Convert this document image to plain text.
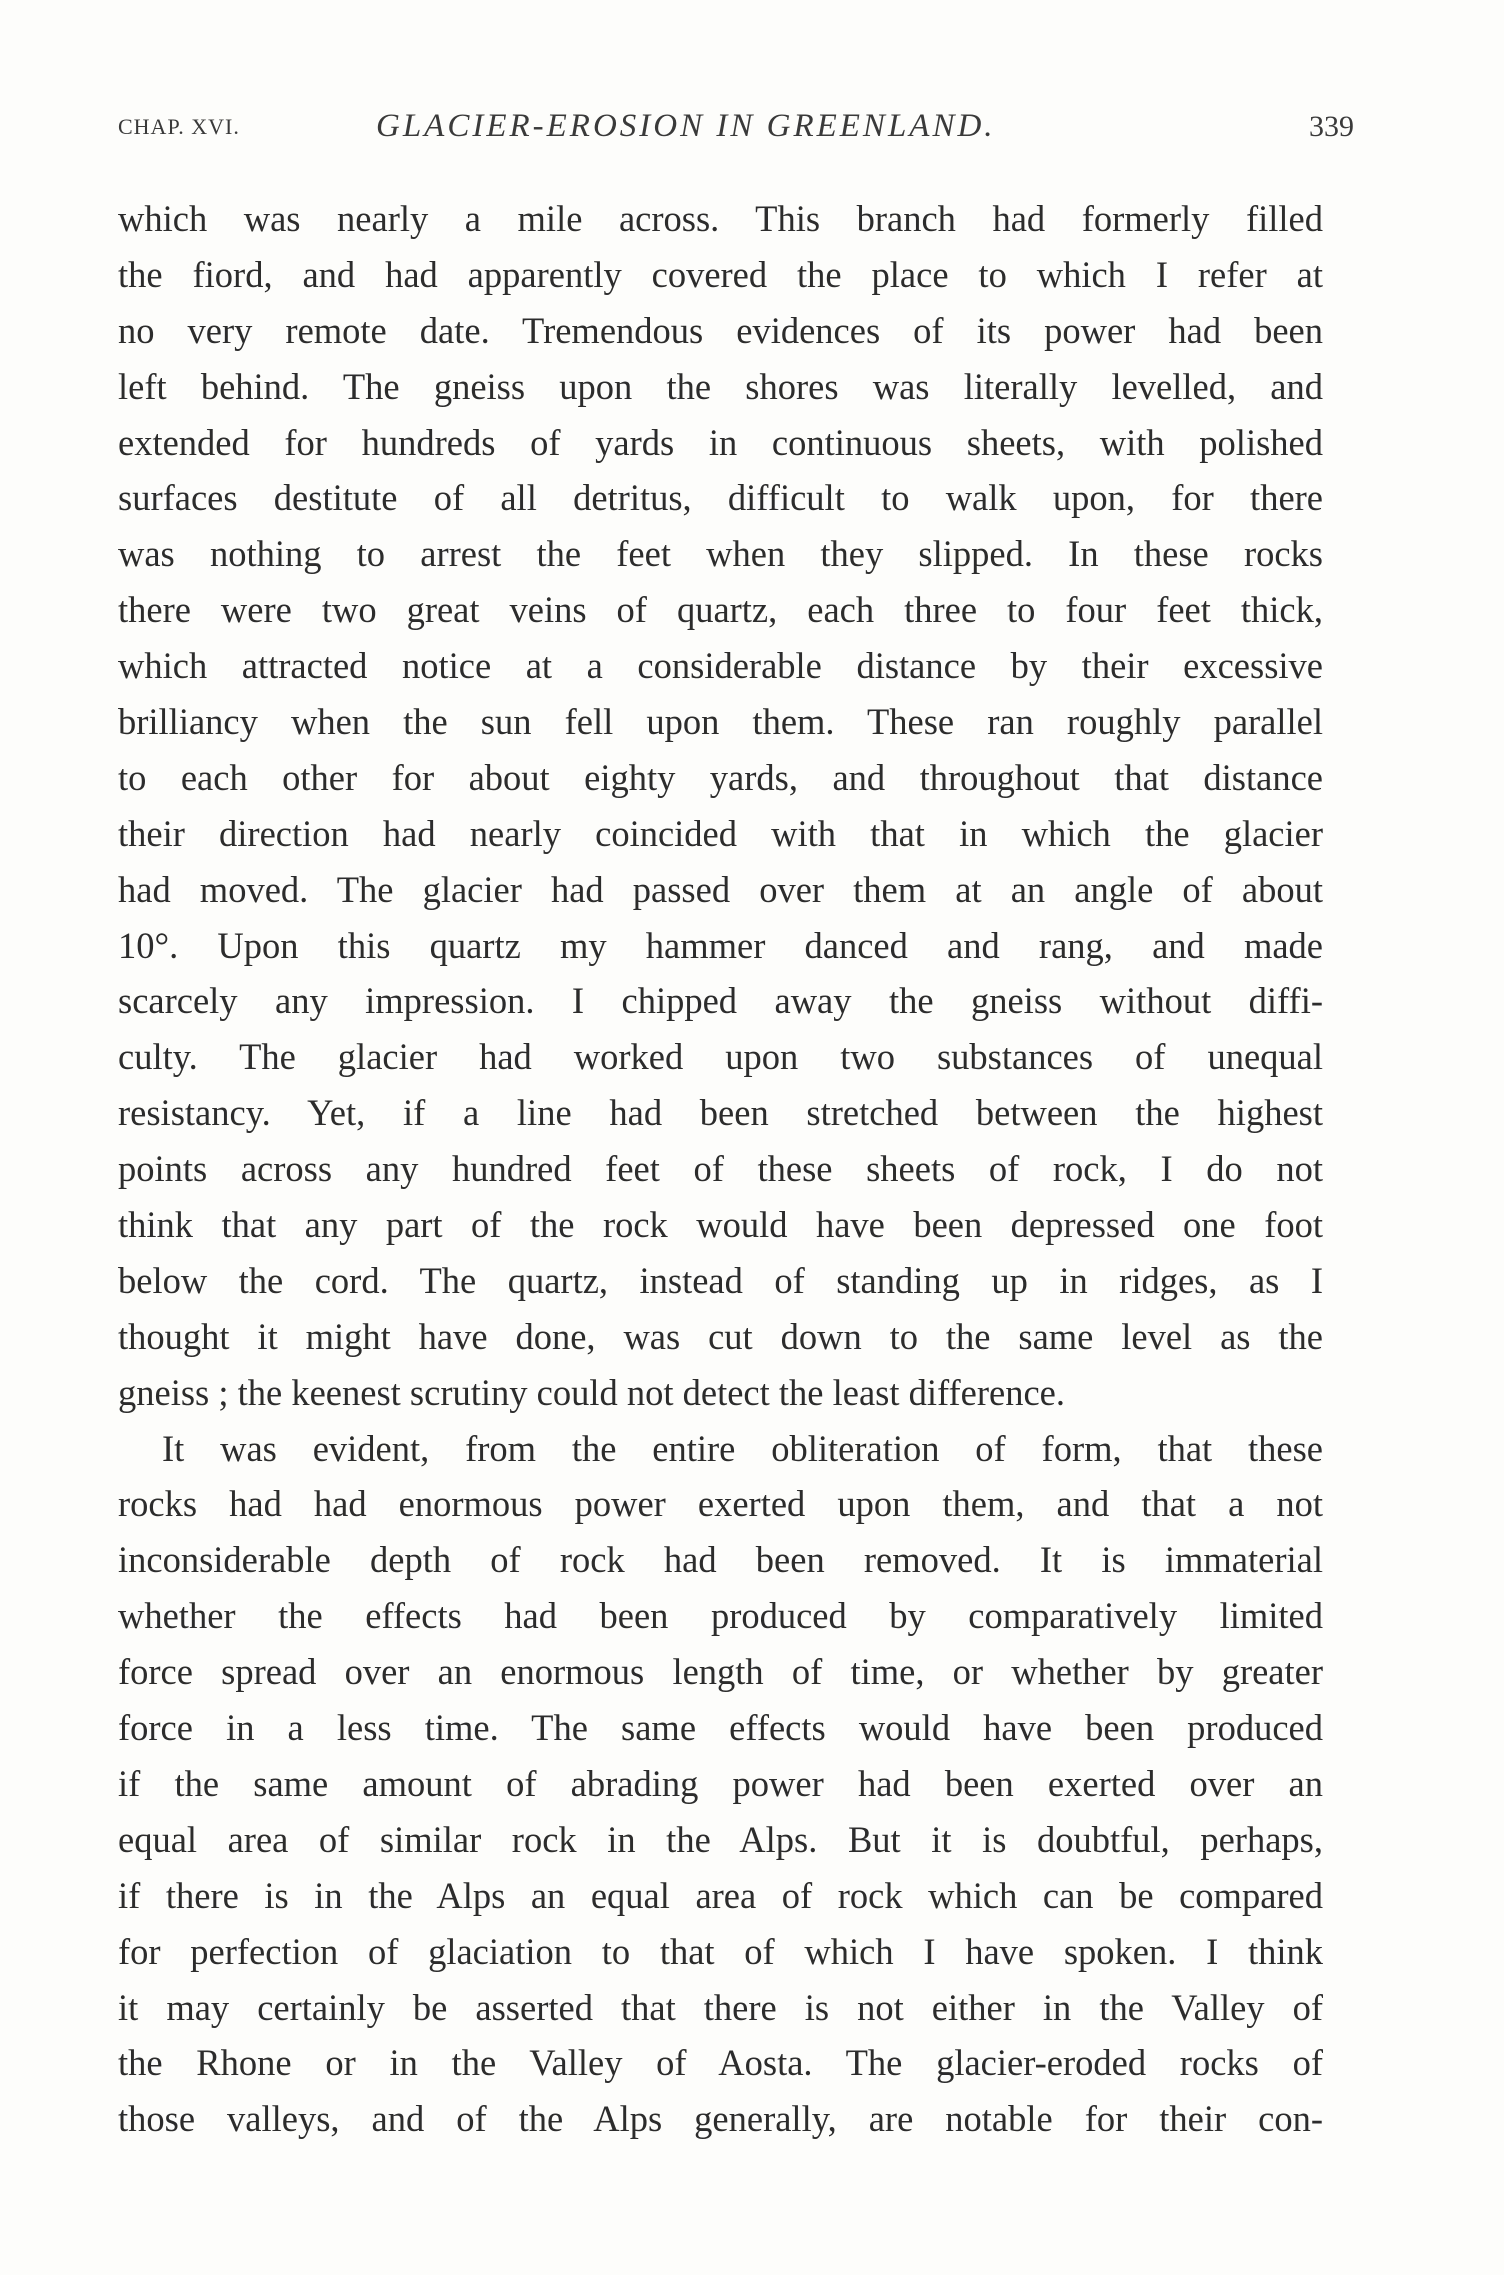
CHAP. XVI.	GLACIER-EROSION IN GREENLAND.	339
which was nearly a mile across. This branch had formerly filled
the fiord, and had apparently covered the place to which I refer at
no very remote date. Tremendous evidences of its power had been
left behind. The gneiss upon the shores was literally levelled, and
extended for hundreds of yards in continuous sheets, with polished
surfaces destitute of all detritus, difficult to walk upon, for there
was nothing to arrest the feet when they slipped. In these rocks
there were two great veins of quartz, each three to four feet thick,
which attracted notice at a considerable distance by their excessive
brilliancy when the sun fell upon them. These ran roughly parallel
to each other for about eighty yards, and throughout that distance
their direction had nearly coincided with that in which the glacier
had moved. The glacier had passed over them at an angle of about
10°. Upon this quartz my hammer danced and rang, and made
scarcely any impression. I chipped away the gneiss without diffi-
culty. The glacier had worked upon two substances of unequal
resistancy. Yet, if a line had been stretched between the highest
points across any hundred feet of these sheets of rock, I do not
think that any part of the rock would have been depressed one foot
below the cord. The quartz, instead of standing up in ridges, as I
thought it might have done, was cut down to the same level as the
gneiss ; the keenest scrutiny could not detect the least difference.
It was evident, from the entire obliteration of form, that these
rocks had had enormous power exerted upon them, and that a not
inconsiderable depth of rock had been removed. It is immaterial
whether the effects had been produced by comparatively limited
force spread over an enormous length of time, or whether by greater
force in a less time. The same effects would have been produced
if the same amount of abrading power had been exerted over an
equal area of similar rock in the Alps. But it is doubtful, perhaps,
if there is in the Alps an equal area of rock which can be compared
for perfection of glaciation to that of which I have spoken. I think
it may certainly be asserted that there is not either in the Valley of
the Rhone or in the Valley of Aosta. The glacier-eroded rocks of
those valleys, and of the Alps generally, are notable for their con-
